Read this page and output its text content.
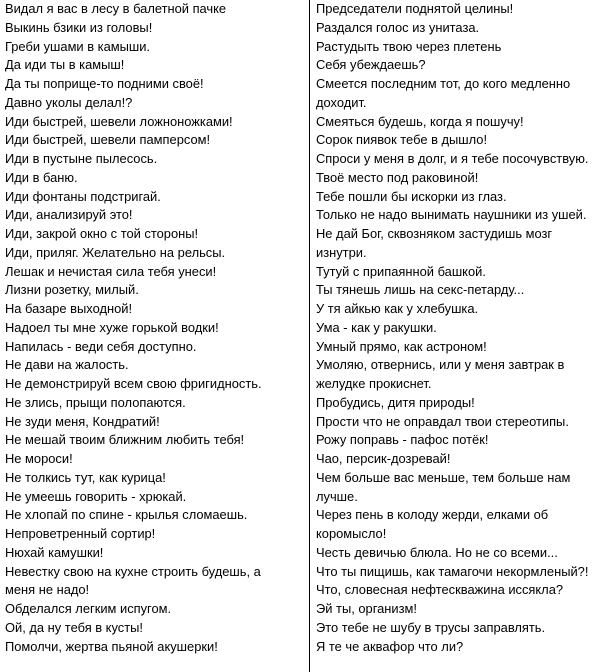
Видал я вас в лесу в балетной пачке
Выкинь бзики из головы!
Греби ушами в камыши.
Да иди ты в камыш!
Да ты поприще-то подними своё!
Давно уколы делал!?
Иди быстрей, шевели ложноножками!
Иди быстрей, шевели памперсом!
Иди в пустыне пылесось.
Иди в баню.
Иди фонтаны подстригай.
Иди, анализируй это!
Иди, закрой окно с той стороны!
Иди, приляг. Желательно на рельсы.
Лешак и нечистая сила тебя унеси!
Лизни розетку, милый.
На базаре выходной!
Надоел ты мне хуже горькой водки!
Напилась - веди себя доступно.
Не дави на жалость.
Не демонстрируй всем свою фригидность.
Не злись, прыщи полопаются.
Не зуди меня, Кондратий!
Не мешай твоим ближним любить тебя!
Не мороси!
Не толкись тут, как курица!
Не умеешь говорить - хрюкай.
Не хлопай по спине - крылья сломаешь.
Непроветренный сортир!
Нюхай камушки!
Невестку свою на кухне строить будешь, а
меня не надо!
Обделался легким испугом.
Ой, да ну тебя в кусты!
Помолчи, жертва пьяной акушерки!
Председатели поднятой целины!
Раздался голос из унитаза.
Растудыть твою через плетень
Себя убеждаешь?
Смеется последним тот, до кого медленно
доходит.
Смеяться будешь, когда я пошучу!
Сорок пиявок тебе в дышло!
Спроси у меня в долг, и я тебе посочувствую.
Твоё место под раковиной!
Тебе пошли бы искорки из глаз.
Только не надо вынимать наушники из ушей.
Не дай Бог, сквозняком застудишь мозг
изнутри.
Тутуй с припаянной башкой.
Ты тянешь лишь на секс-петарду...
У тя айкью как у хлебушка.
Ума - как у ракушки.
Умный прямо, как астроном!
Умоляю, отвернись, или у меня завтрак в
желудке прокиснет.
Пробудись, дитя природы!
Прости что не оправдал твои стереотипы.
Рожу поправь - пафос потёк!
Чао, персик-дозревай!
Чем больше вас меньше, тем больше нам
лучше.
Через пень в колоду жерди, елками об
коромысло!
Честь девичью блюла. Но не со всеми...
Что ты пищишь, как тамагочи некормленый?!
Что, словесная нефтескважина иссякла?
Эй ты, организм!
Это тебе не шубу в трусы заправлять.
Я те че аквафор что ли?
